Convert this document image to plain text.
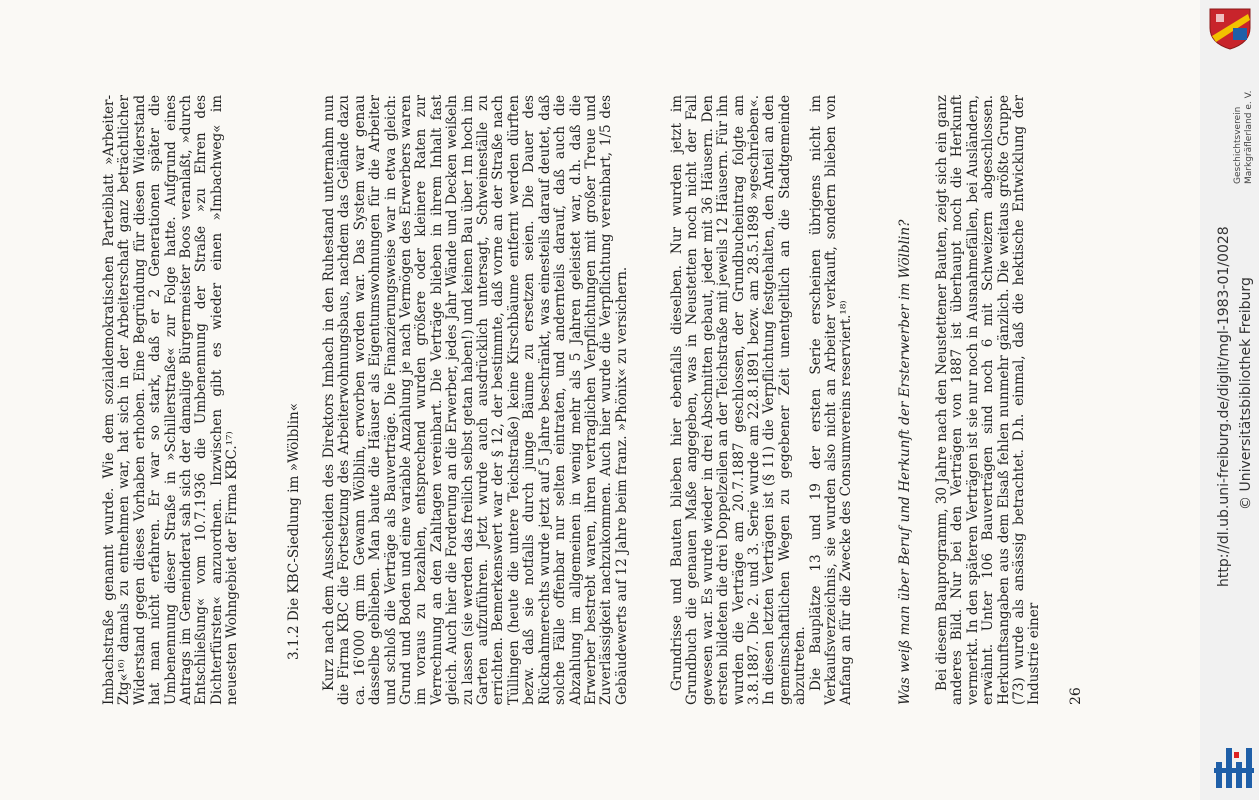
Imbachstraße genannt wurde. Wie dem sozialdemokratischen Parteiblatt »Arbeiter-Ztg«¹⁶⁾ damals zu entnehmen war, hat sich in der Arbeiterschaft ganz beträchtlicher Widerstand gegen dieses Vorhaben erhoben. Eine Begründung für diesen Widerstand hat man nicht erfahren. Er war so stark, daß er 2 Generationen später die Umbenennung dieser Straße in »Schillerstraße« zur Folge hatte. Aufgrund eines Antrags im Gemeinderat sah sich der damalige Bürgermeister Boos veranlaßt, »durch Entschließung« vom 10.7.1936 die Umbenennung der Straße »zu Ehren des Dichterfürsten« anzuordnen. Inzwischen gibt es wieder einen »Imbachweg« im neuesten Wohngebiet der Firma KBC.¹⁷⁾	3.1.2 Die KBC-Siedlung im »Wölblin« Kurz nach dem Ausscheiden des Direktors Imbach in den Ruhestand unternahm nun die Firma KBC die Fortsetzung des Arbeiterwohnungsbaus, nachdem das Gelände dazu ca. 16'000 qm im Gewann Wölblin, erworben worden war. Das System war genau dasselbe geblieben. Man baute die Häuser als Eigentumswohnungen für die Arbeiter und schloß die Verträge als Bauverträge. Die Finanzierungsweise war in etwa gleich: Grund und Boden und eine variable Anzahlung je nach Vermögen des Erwerbers waren im voraus zu bezahlen, entsprechend wurden größere oder kleinere Raten zur Verrechnung an den Zahltagen vereinbart. Die Verträge blieben in ihrem Inhalt fast gleich. Auch hier die Forderung an die Erwerber, jedes Jahr Wände und Decken weißeln zu lassen (sie werden das freilich selbst getan haben!) und keinen Bau über 1m hoch im Garten aufzuführen. Jetzt wurde auch ausdrücklich untersagt, Schweineställe zu errichten. Bemerkenswert war der § 12, der bestimmte, daß vorne an der Straße nach Tüllingen (heute die untere Teichstraße) keine Kirschbäume entfernt werden dürften bezw. daß sie notfalls durch junge Bäume zu ersetzen seien. Die Dauer des Rücknahmerechts wurde jetzt auf 5 Jahre beschränkt, was einesteils darauf deutet, daß solche Fälle offenbar nur selten eintraten, und andernteils darauf, daß auch die Abzahlung im allgemeinen in wenig mehr als 5 Jahren geleistet war, d.h. daß die Erwerber bestrebt waren, ihren vertraglichen Verpflichtungen mit großer Treue und Zuverlässigkeit nachzukommen. Auch hier wurde die Verpflichtung vereinbart, 1/5 des Gebäudewerts auf 12 Jahre beim franz. »Phönix« zu versichern.	Grundrisse und Bauten blieben hier ebenfalls dieselben. Nur wurden jetzt im Grundbuch die genauen Maße angegeben, was in Neustetten noch nicht der Fall gewesen war. Es wurde wieder in drei Abschnitten gebaut, jeder mit 36 Häusern. Den ersten bildeten die drei Doppelzeilen an der Teichstraße mit jeweils 12 Häusern. Für ihn wurden die Verträge am 20.7.1887 geschlossen, der Grundbucheintrag folgte am 3.8.1887. Die 2. und 3. Serie wurde am 22.8.1891 bezw. am 28.5.1898 »geschrieben«. In diesen letzten Verträgen ist (§ 11) die Verpflichtung festgehalten, den Anteil an den gemeinschaftlichen Wegen zu gegebener Zeit unentgeltlich an die Stadtgemeinde abzutreten. Die Bauplätze 13 und 19 der ersten Serie erscheinen übrigens nicht im Verkaufsverzeichnis, sie wurden also nicht an Arbeiter verkauft, sondern blieben von Anfang an für die Zwecke des Consumvereins reserviert.¹⁸⁾	Was weiß man über Beruf und Herkunft der Ersterwerber im Wölblin? Bei diesem Bauprogramm, 30 Jahre nach den Neustettener Bauten, zeigt sich ein ganz anderes Bild. Nur bei den Verträgen von 1887 ist überhaupt noch die Herkunft vermerkt. In den späteren Verträgen ist sie nur noch in Ausnahmefällen, bei Ausländern, erwähnt. Unter 106 Bauverträgen sind noch 6 mit Schweizern abgeschlossen. Herkunftsangaben aus dem Elsaß fehlen nunmehr gänzlich. Die weitaus größte Gruppe (73) wurde als ansässig betrachtet. D.h. einmal, daß die hektische Entwicklung der Industrie einer 26
Geschichtsverein Markgräflerland e. V.
http://dl.ub.uni-freiburg.de/diglit/mgl-1983-01/0028 © Universitätsbibliothek Freiburg
